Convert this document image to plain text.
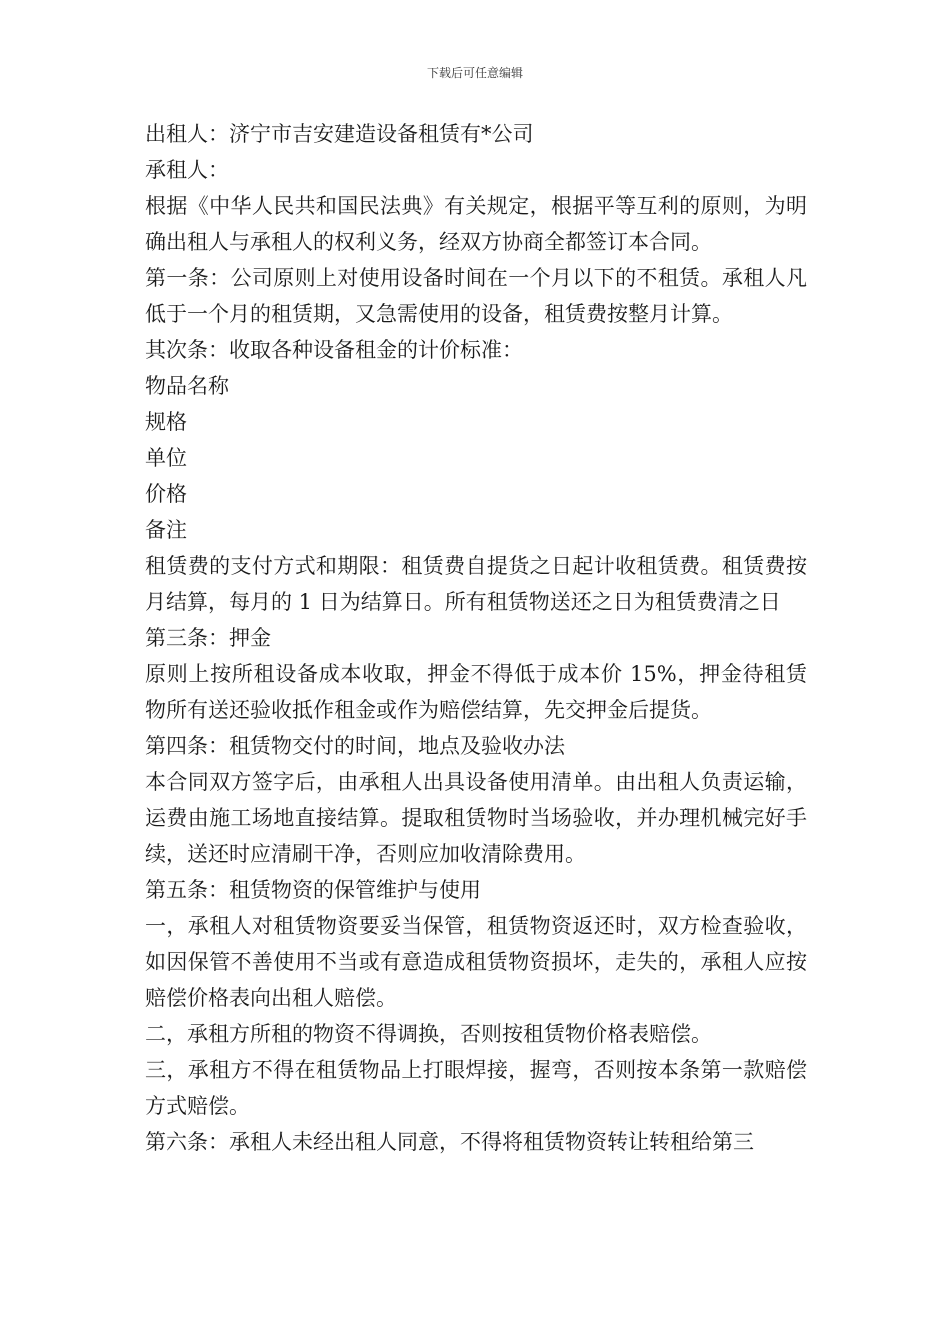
下载后可任意编辑

出租人：济宁市吉安建造设备租赁有*公司

承租人：

根据《中华人民共和国民法典》有关规定，根据平等互利的原则，为明确出租人与承租人的权利义务，经双方协商全都签订本合同。

第一条：公司原则上对使用设备时间在一个月以下的不租赁。承租人凡低于一个月的租赁期，又急需使用的设备，租赁费按整月计算。

其次条：收取各种设备租金的计价标准：

物品名称

规格

单位

价格

备注

租赁费的支付方式和期限：租赁费自提货之日起计收租赁费。租赁费按月结算，每月的 1 日为结算日。所有租赁物送还之日为租赁费清之日

第三条：押金

原则上按所租设备成本收取，押金不得低于成本价 15%，押金待租赁物所有送还验收抵作租金或作为赔偿结算，先交押金后提货。

第四条：租赁物交付的时间，地点及验收办法

本合同双方签字后，由承租人出具设备使用清单。由出租人负责运输，运费由施工场地直接结算。提取租赁物时当场验收，并办理机械完好手续，送还时应清刷干净，否则应加收清除费用。

第五条：租赁物资的保管维护与使用

一，承租人对租赁物资要妥当保管，租赁物资返还时，双方检查验收，如因保管不善使用不当或有意造成租赁物资损坏，走失的，承租人应按赔偿价格表向出租人赔偿。

二，承租方所租的物资不得调换，否则按租赁物价格表赔偿。

三，承租方不得在租赁物品上打眼焊接，握弯，否则按本条第一款赔偿方式赔偿。

第六条：承租人未经出租人同意，不得将租赁物资转让转租给第三
